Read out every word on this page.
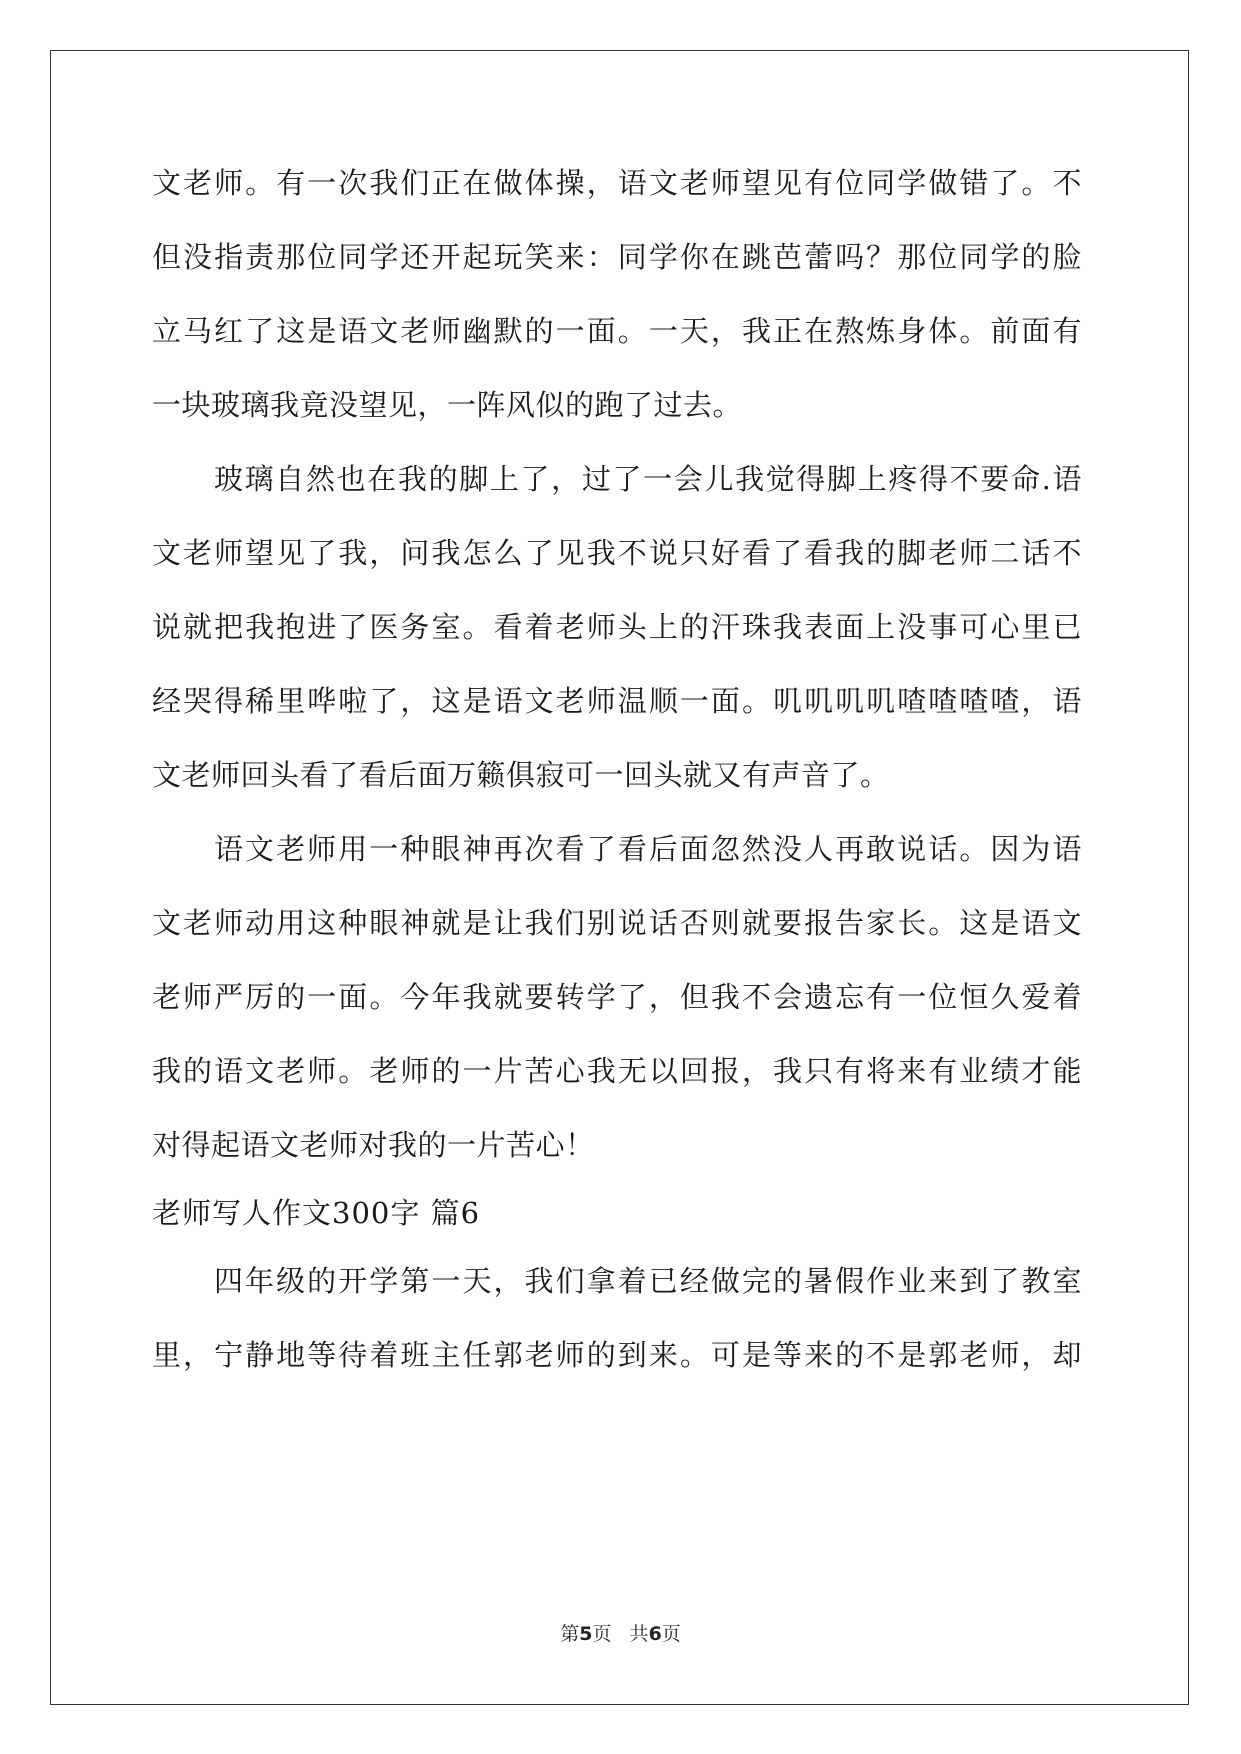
文老师。有一次我们正在做体操，语文老师望见有位同学做错了。不
但没指责那位同学还开起玩笑来：同学你在跳芭蕾吗？那位同学的脸
立马红了这是语文老师幽默的一面。一天，我正在熬炼身体。前面有
一块玻璃我竟没望见，一阵风似的跑了过去。
玻璃自然也在我的脚上了，过了一会儿我觉得脚上疼得不要命.语
文老师望见了我，问我怎么了见我不说只好看了看我的脚老师二话不
说就把我抱进了医务室。看着老师头上的汗珠我表面上没事可心里已
经哭得稀里哗啦了，这是语文老师温顺一面。叽叽叽叽喳喳喳喳，语
文老师回头看了看后面万籁俱寂可一回头就又有声音了。
语文老师用一种眼神再次看了看后面忽然没人再敢说话。因为语
文老师动用这种眼神就是让我们别说话否则就要报告家长。这是语文
老师严厉的一面。今年我就要转学了，但我不会遗忘有一位恒久爱着
我的语文老师。老师的一片苦心我无以回报，我只有将来有业绩才能
对得起语文老师对我的一片苦心！
老师写人作文300字 篇6
四年级的开学第一天，我们拿着已经做完的暑假作业来到了教室
里，宁静地等待着班主任郭老师的到来。可是等来的不是郭老师，却
第5页   共6页
